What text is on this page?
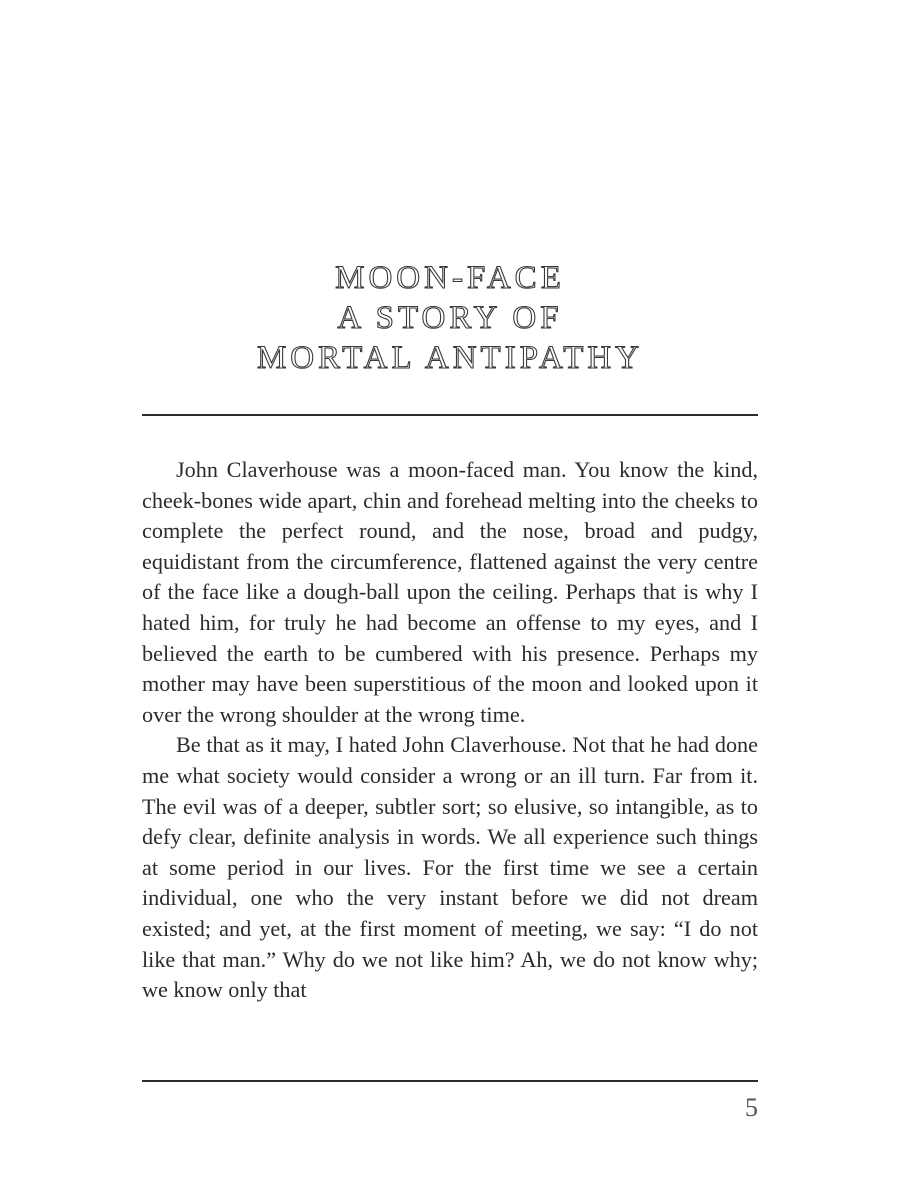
MOON-FACE
A STORY OF
MORTAL ANTIPATHY

John Claverhouse was a moon-faced man. You know the kind, cheek-bones wide apart, chin and forehead melting into the cheeks to complete the perfect round, and the nose, broad and pudgy, equidistant from the circumference, flattened against the very centre of the face like a dough-ball upon the ceiling. Perhaps that is why I hated him, for truly he had become an offense to my eyes, and I believed the earth to be cumbered with his presence. Perhaps my mother may have been superstitious of the moon and looked upon it over the wrong shoulder at the wrong time.

Be that as it may, I hated John Claverhouse. Not that he had done me what society would consider a wrong or an ill turn. Far from it. The evil was of a deeper, subtler sort; so elusive, so intangible, as to defy clear, definite analysis in words. We all experience such things at some period in our lives. For the first time we see a certain individual, one who the very instant before we did not dream existed; and yet, at the first moment of meeting, we say: “I do not like that man.” Why do we not like him? Ah, we do not know why; we know only that

5
